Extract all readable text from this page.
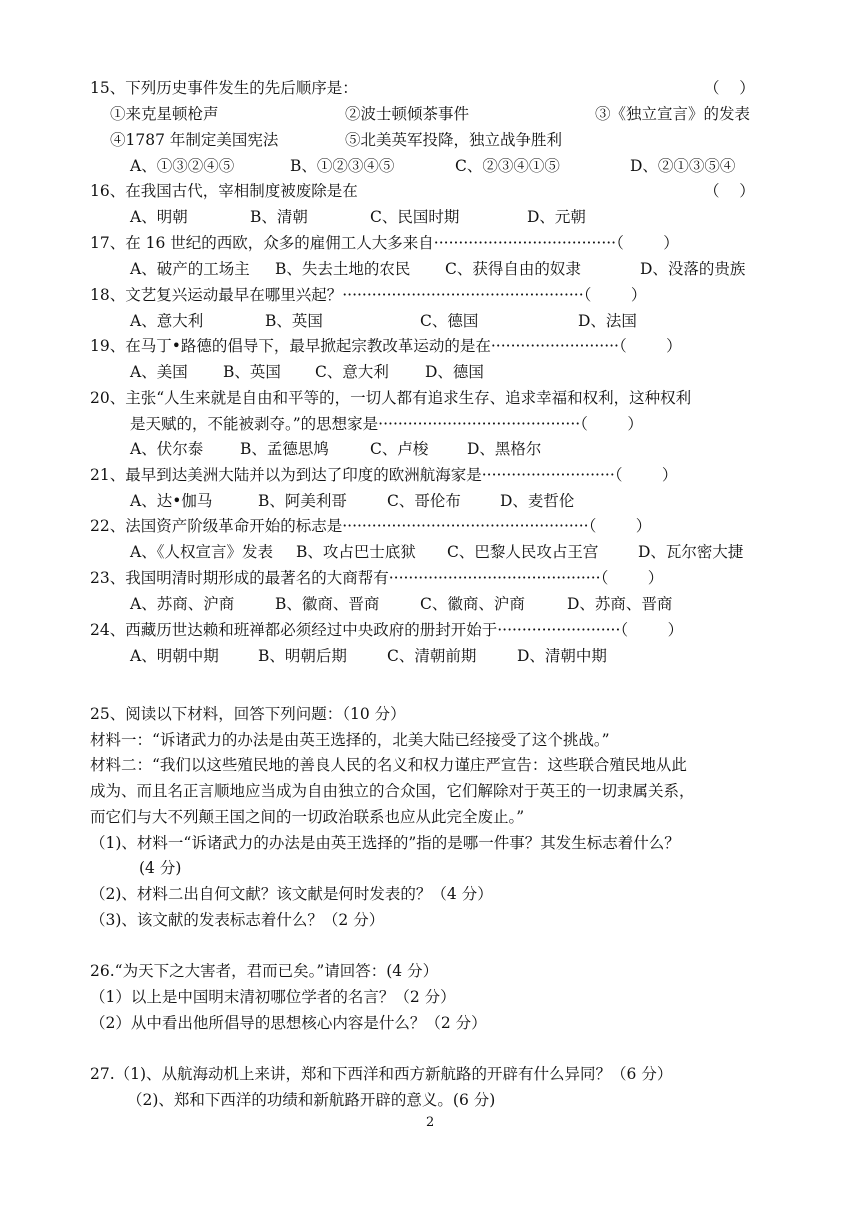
15、下列历史事件发生的先后顺序是：	（    ）
①来克星顿枪声	②波士顿倾茶事件	③《独立宣言》的发表
④1787 年制定美国宪法	⑤北美英军投降，独立战争胜利
A、①③②④⑤	B、①②③④⑤	C、②③④①⑤	D、②①③⑤④
16、在我国古代，宰相制度被废除是在	（    ）
A、明朝	B、清朝	C、民国时期	D、元朝
17、在 16 世纪的西欧，众多的雇佣工人大多来自·····································（        ）
A、破产的工场主 B、失去土地的农民 C、获得自由的奴隶	D、没落的贵族
18、文艺复兴运动最早在哪里兴起？·················································（        ）
A、意大利	B、英国	C、德国	D、法国
19、在马丁•路德的倡导下，最早掀起宗教改革运动的是在··························（        ）
A、美国 B、英国 C、意大利 D、德国
20、主张“人生来就是自由和平等的，一切人都有追求生存、追求幸福和权利，这种权利
是天赋的，不能被剥夺。”的思想家是·········································（        ）
A、伏尔泰 B、孟德思鸠	C、卢梭 D、黑格尔
21、最早到达美洲大陆并以为到达了印度的欧洲航海家是···························（        ）
A、达•伽马	B、阿美利哥	C、哥伦布	D、麦哲伦
22、法国资产阶级革命开始的标志是··················································（        ）
A、《人权宣言》发表 B、攻占巴士底狱 C、巴黎人民攻占王宫	D、瓦尔密大捷
23、我国明清时期形成的最著名的大商帮有···········································（        ）
A、苏商、沪商	B、徽商、晋商	C、徽商、沪商	D、苏商、晋商
24、西藏历世达赖和班禅都必须经过中央政府的册封开始于·························（        ）
A、明朝中期	B、明朝后期	C、清朝前期	D、清朝中期
25、阅读以下材料，回答下列问题：（10 分）
材料一：“诉诸武力的办法是由英王选择的，北美大陆已经接受了这个挑战。”
材料二：“我们以这些殖民地的善良人民的名义和权力谨庄严宣告：这些联合殖民地从此
成为、而且名正言顺地应当成为自由独立的合众国，它们解除对于英王的一切隶属关系，
而它们与大不列颠王国之间的一切政治联系也应从此完全废止。”
（1)、材料一“诉诸武力的办法是由英王选择的”指的是哪一件事？其发生标志着什么？
(4 分)
（2)、材料二出自何文献？该文献是何时发表的？（4 分）
（3)、该文献的发表标志着什么？（2 分）
26.“为天下之大害者，君而已矣。”请回答：(4 分）
（1）以上是中国明末清初哪位学者的名言？（2 分）
（2）从中看出他所倡导的思想核心内容是什么？（2 分）
27.（1)、从航海动机上来讲，郑和下西洋和西方新航路的开辟有什么异同？（6 分）
（2)、郑和下西洋的功绩和新航路开辟的意义。(6 分)
2
